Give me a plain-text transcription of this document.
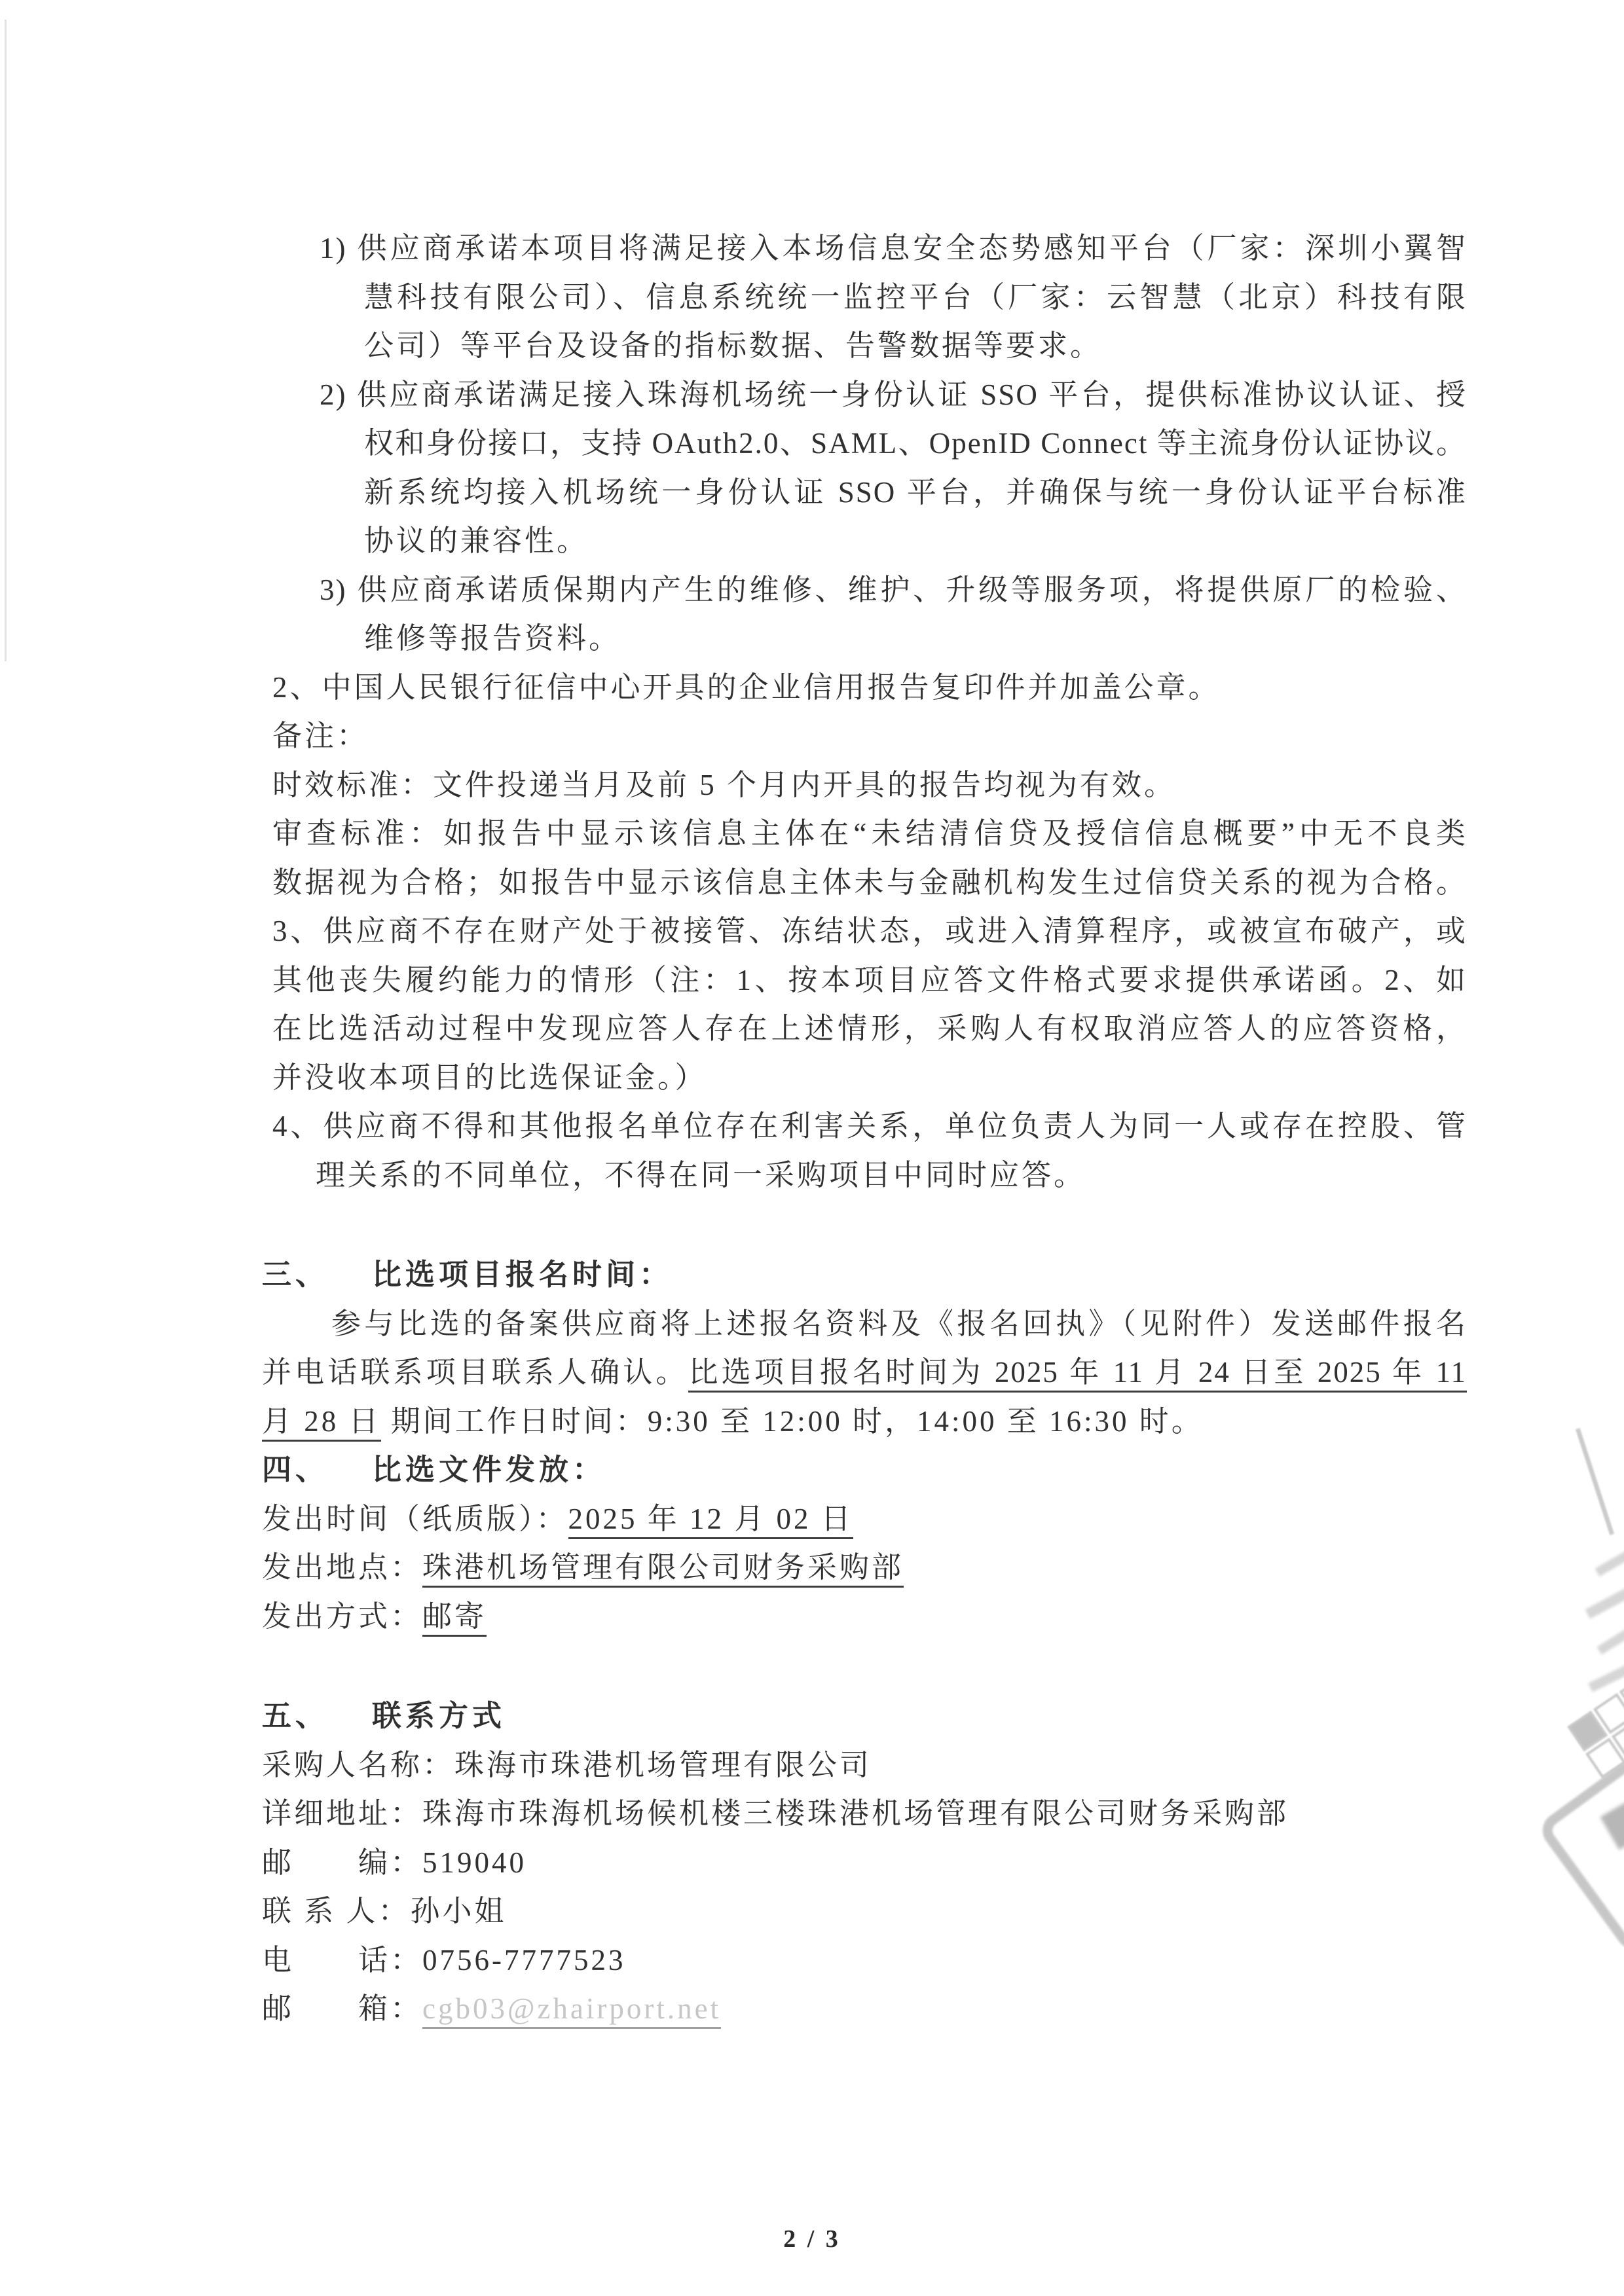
1) 供应商承诺本项目将满足接入本场信息安全态势感知平台（厂家：深圳小翼智
慧科技有限公司）、信息系统统一监控平台（厂家：云智慧（北京）科技有限
公司）等平台及设备的指标数据、告警数据等要求。
2) 供应商承诺满足接入珠海机场统一身份认证 SSO 平台，提供标准协议认证、授
权和身份接口，支持 OAuth2.0、SAML、OpenID Connect 等主流身份认证协议。
新系统均接入机场统一身份认证 SSO 平台，并确保与统一身份认证平台标准
协议的兼容性。
3) 供应商承诺质保期内产生的维修、维护、升级等服务项，将提供原厂的检验、
维修等报告资料。
2、中国人民银行征信中心开具的企业信用报告复印件并加盖公章。
备注：
时效标准：文件投递当月及前 5 个月内开具的报告均视为有效。
审查标准：如报告中显示该信息主体在“未结清信贷及授信信息概要”中无不良类
数据视为合格；如报告中显示该信息主体未与金融机构发生过信贷关系的视为合格。
3、供应商不存在财产处于被接管、冻结状态，或进入清算程序，或被宣布破产，或
其他丧失履约能力的情形（注：1、按本项目应答文件格式要求提供承诺函。2、如
在比选活动过程中发现应答人存在上述情形，采购人有权取消应答人的应答资格，
并没收本项目的比选保证金。）
4、供应商不得和其他报名单位存在利害关系，单位负责人为同一人或存在控股、管
理关系的不同单位，不得在同一采购项目中同时应答。
三、 比选项目报名时间：
参与比选的备案供应商将上述报名资料及《报名回执》（见附件）发送邮件报名
并电话联系项目联系人确认。比选项目报名时间为 2025 年 11 月 24 日至 2025 年 11
月 28 日 期间工作日时间：9:30 至 12:00 时，14:00 至 16:30 时。
四、 比选文件发放：
发出时间（纸质版）：2025 年 12 月 02 日
发出地点：珠港机场管理有限公司财务采购部
发出方式：邮寄
五、 联系方式
采购人名称：珠海市珠港机场管理有限公司
详细地址：珠海市珠海机场候机楼三楼珠港机场管理有限公司财务采购部
邮　　编：519040
联 系 人：孙小姐
电　　话：0756-7777523
邮　　箱：cgb03@zhairport.net
2 / 3
